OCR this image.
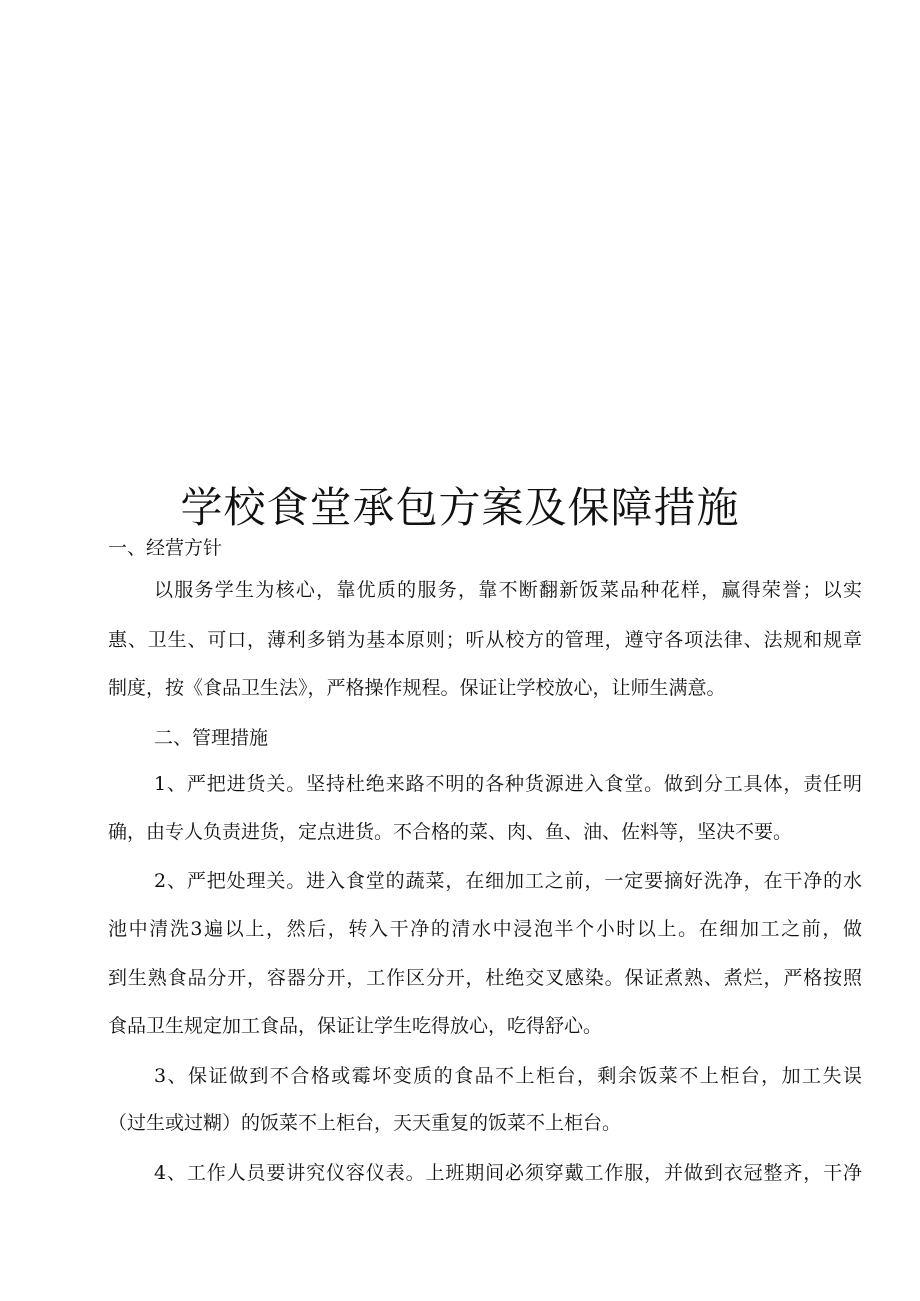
学校食堂承包方案及保障措施

一、经营方针

以服务学生为核心，靠优质的服务，靠不断翻新饭菜品种花样，赢得荣誉；以实

惠、卫生、可口，薄利多销为基本原则；听从校方的管理，遵守各项法律、法规和规章

制度，按《食品卫生法》，严格操作规程。保证让学校放心，让师生满意。

二、管理措施

1、严把进货关。坚持杜绝来路不明的各种货源进入食堂。做到分工具体，责任明

确，由专人负责进货，定点进货。不合格的菜、肉、鱼、油、佐料等，坚决不要。

2、严把处理关。进入食堂的蔬菜，在细加工之前，一定要摘好洗净，在干净的水

池中清洗3遍以上，然后，转入干净的清水中浸泡半个小时以上。在细加工之前，做

到生熟食品分开，容器分开，工作区分开，杜绝交叉感染。保证煮熟、煮烂，严格按照

食品卫生规定加工食品，保证让学生吃得放心，吃得舒心。

3、保证做到不合格或霉坏变质的食品不上柜台，剩余饭菜不上柜台，加工失误

（过生或过糊）的饭菜不上柜台，天天重复的饭菜不上柜台。

4、工作人员要讲究仪容仪表。上班期间必须穿戴工作服，并做到衣冠整齐，干净
